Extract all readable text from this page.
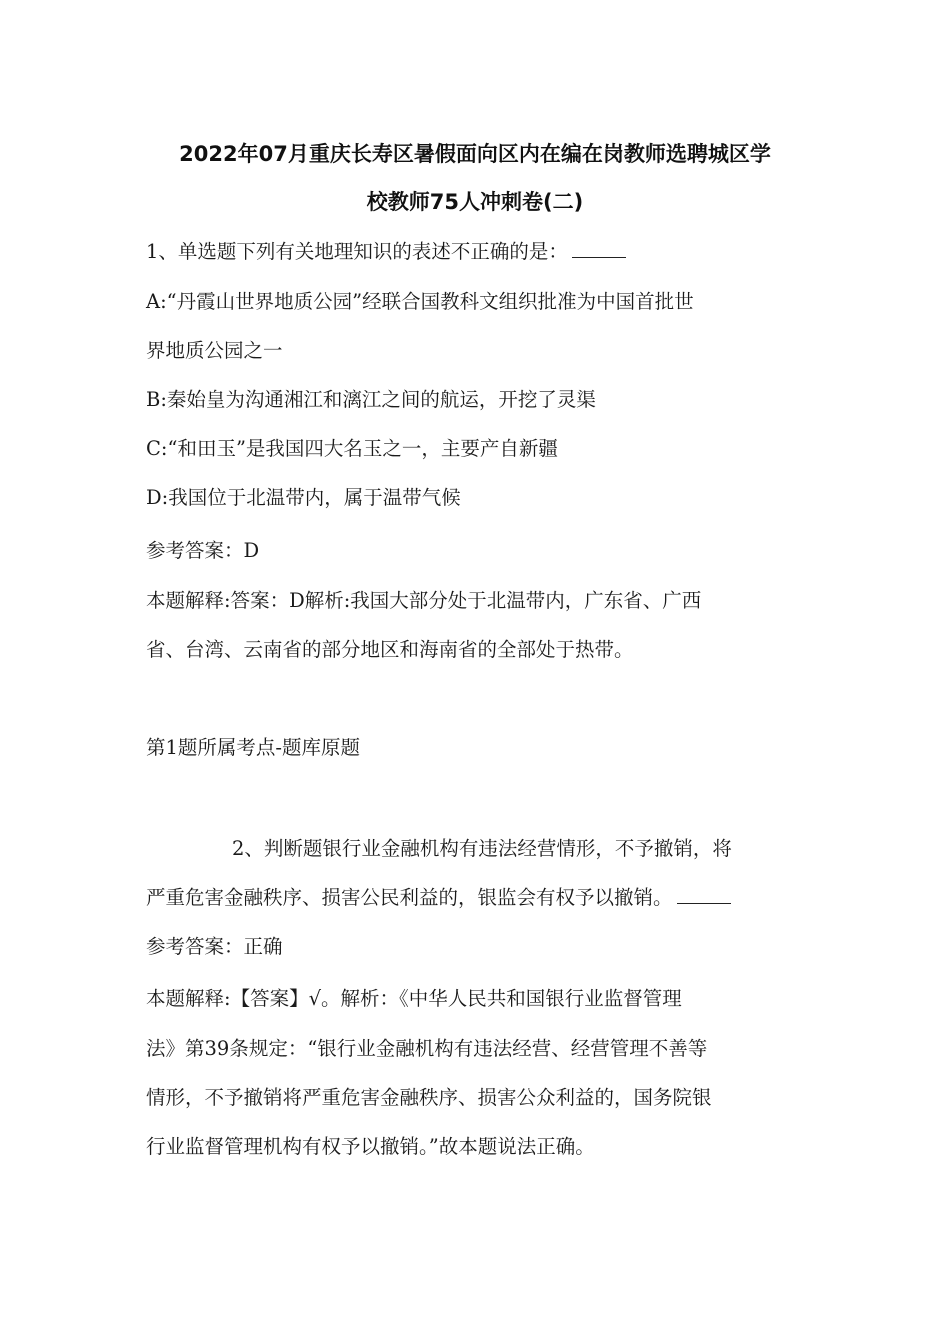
2022年07月重庆长寿区暑假面向区内在编在岗教师选聘城区学
校教师75人冲刺卷(二)
1、单选题下列有关地理知识的表述不正确的是：
A:“丹霞山世界地质公园”经联合国教科文组织批准为中国首批世
界地质公园之一
B:秦始皇为沟通湘江和漓江之间的航运，开挖了灵渠
C:“和田玉”是我国四大名玉之一，主要产自新疆
D:我国位于北温带内，属于温带气候
参考答案：D
本题解释:答案：D解析:我国大部分处于北温带内，广东省、广西
省、台湾、云南省的部分地区和海南省的全部处于热带。
第1题所属考点-题库原题
2、判断题银行业金融机构有违法经营情形，不予撤销，将
严重危害金融秩序、损害公民利益的，银监会有权予以撤销。
参考答案：正确
本题解释:【答案】√。解析：《中华人民共和国银行业监督管理
法》第39条规定：“银行业金融机构有违法经营、经营管理不善等
情形，不予撤销将严重危害金融秩序、损害公众利益的，国务院银
行业监督管理机构有权予以撤销。”故本题说法正确。
